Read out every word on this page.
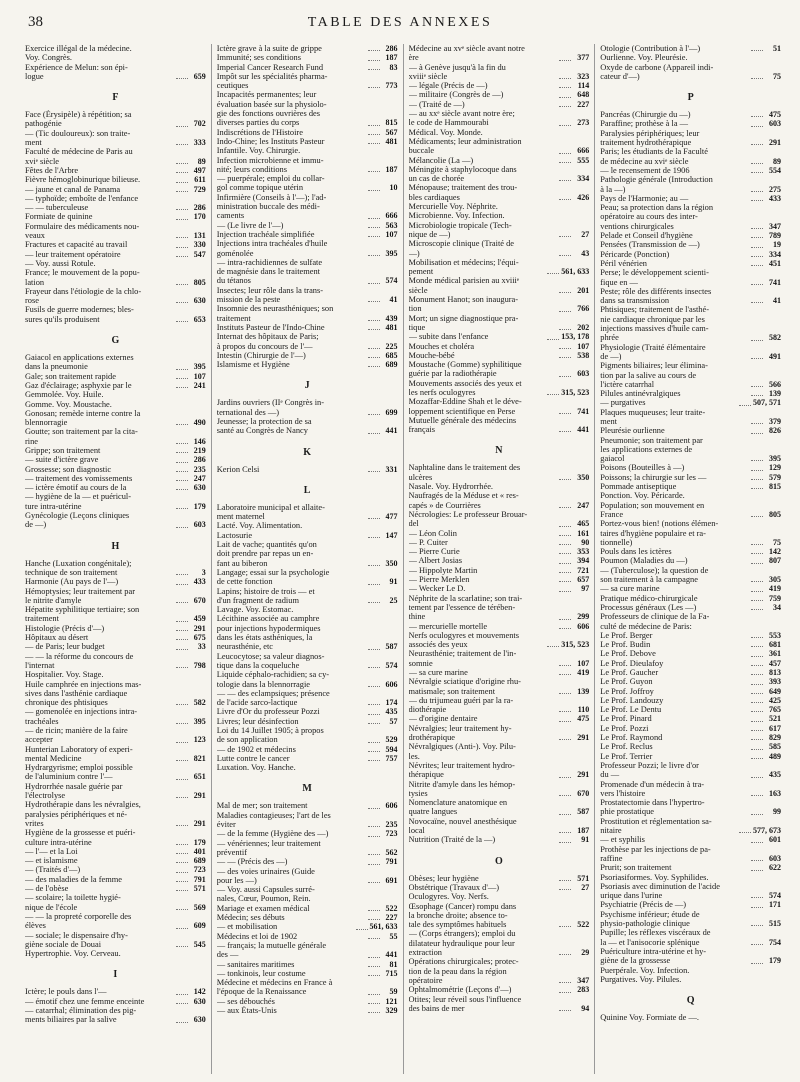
38	TABLE DES ANNEXES
Exercice illégal de la médecine.
Voy. Congrès.
Expérience de Melun: son épi-
logue	659
F
Face (Érysipèle) à répétition; sa
pathogénie	702
— (Tic douloureux): son traite-
ment	333
Faculté de médecine de Paris au
xviᵉ siècle	89
Fêtes de l'Arbre	497
Fièvre hémoglobinurique bilieuse.	611
— jaune et canal de Panama	729
— typhoïde; emboîte de l'enfance
— — tuberculeuse	286
Formiate de quinine	170
Formulaire des médicaments nou-
veaux	131
Fractures et capacité au travail	330
— leur traitement opératoire	547
— Voy. aussi Rotule.
France; le mouvement de la popu-
lation	805
Frayeur dans l'étiologie de la chlo-
rose	630
Fusils de guerre modernes; bles-
sures qu'ils produisent	653
G
Gaiacol en applications externes
dans la pneumonie	395
Gale; son traitement rapide	107
Gaz d'éclairage; asphyxie par le	241
Gemmolée. Voy. Huile.
Gomme. Voy. Moustache.
Gonosan; remède interne contre la
blennorragie	490
Goutte; son traitement par la cita-
rine	146
Grippe; son traitement	219
— suite d'ictère grave	286
Grossesse; son diagnostic	235
— traitement des vomissements	247
— ictère émotif au cours de la	630
— hygiène de la — et puéricul-
ture intra-utérine	179
Gynécologie (Leçons cliniques
de —)	603
H
Hanche (Luxation congénitale);
technique de son traitement	3
Harmonie (Au pays de l'—)	433
Hémoptysies; leur traitement par
le nitrite d'amyle	670
Hépatite syphilitique tertiaire; son
traitement	459
Histologie (Précis d'—)	291
Hôpitaux au désert	675
— de Paris; leur budget	33
— — la réforme du concours de
l'internat	798
Hospitalier. Voy. Stage.
Huile camphrée en injections mas-
sives dans l'asthénie cardiaque
chronique des phtisiques	582
— gomenolée en injections intra-
trachéales	395
— de ricin; manière de la faire
accepter	123
Hunterian Laboratory of experi-
mental Medicine	821
Hydrargyrisme; emploi possible
de l'aluminium contre l'—	651
Hydrorrhée nasale guérie par
l'électrolyse	291
Hydrothérapie dans les névralgies,
paralysies périphériques et né-
vrites	291
Hygiène de la grossesse et puéri-
culture intra-utérine	179
— l'— et la Loi	401
— et islamisme	689
— (Traités d'—)	723
— des maladies de la femme	791
— de l'obèse	571
— scolaire; la toilette hygié-
nique de l'école	569
— — la propreté corporelle des
élèves	609
— sociale; le dispensaire d'hy-
giène sociale de Douai	545
Hypertrophie. Voy. Cerveau.
I
Ictère; le pouls dans l'—	142
— émotif chez une femme enceinte	630
— catarrhal; élimination des pig-
ments biliaires par la salive	630
Ictère grave à la suite de grippe	286
Immunité; ses conditions	187
Imperial Cancer Research Fund	83
Impôt sur les spécialités pharma-
ceutiques	773
Incapacités permanentes; leur
évaluation basée sur la physiolo-
gie des fonctions ouvrières des
diverses parties du corps	815
Indiscrétions de l'Histoire	567
Indo-Chine; les Instituts Pasteur	481
Infantile. Voy. Chirurgie.
Infection microbienne et immu-
nité; leurs conditions	187
— puerpérale; emploi du collar-
gol comme topique utérin	10
Infirmière (Conseils à l'—); l'ad-
ministration buccale des médi-
caments	666
— (Le livre de l'—)	563
Injection trachéale simplifiée	107
Injections intra trachéales d'huile
goménolée	395
— intra-rachidiennes de sulfate
de magnésie dans le traitement
du tétanos	574
Insectes; leur rôle dans la trans-
mission de la peste	41
Insomnie des neurasthéniques; son
traitement	439
Instituts Pasteur de l'Indo-Chine	481
Internat des hôpitaux de Paris;
à propos du concours de l'—	225
Intestin (Chirurgie de l'—)	685
Islamisme et Hygiène	689
J
Jardins ouvriers (IIᵉ Congrès in-
ternational des —)	699
Jeunesse; la protection de sa
santé au Congrès de Nancy	441
K
Kerion Celsi	331
L
Laboratoire municipal et allaite-
ment maternel	477
Lacté. Voy. Alimentation.
Lactosurie	147
Lait de vache; quantités qu'on
doit prendre par repas un en-
fant au biberon	350
Langage; essai sur la psychologie
de cette fonction	91
Lapins; histoire de trois — et
d'un fragment de radium	25
Lavage. Voy. Estomac.
Lécithine associée au camphre
pour injections hypodermiques
dans les états asthéniques, la
neurasthénie, etc	587
Leucocytose; sa valeur diagnos-
tique dans la coqueluche	574
Liquide céphalo-rachidien; sa cy-
tologie dans la blennorragie	606
— — des eclampsiques; présence
de l'acide sarco-lactique	174
Livre d'Or du professeur Pozzi	435
Livres; leur désinfection	57
Loi du 14 Juillet 1905; à propos
de son application	529
— de 1902 et médecins	594
Lutte contre le cancer	757
Luxation. Voy. Hanche.
M
Mal de mer; son traitement	606
Maladies contagieuses; l'art de les
éviter	235
— de la femme (Hygiène des —)	723
— vénériennes; leur traitement
préventif	562
— — (Précis des —)	791
— des voies urinaires (Guide
pour les —)	691
— Voy. aussi Capsules surré-
nales, Cœur, Poumon, Rein.
Mariage et examen médical	522
Médecin; ses débuts	227
— et mobilisation	561, 633
Médecins et loi de 1902	55
— français; la mutuelle générale
des —	441
— sanitaires maritimes	81
— tonkinois, leur costume	715
Médecine et médecins en France à
l'époque de la Renaissance	59
— ses débouchés	121
— aux États-Unis	329
Médecine au xvᵉ siècle avant notre
ère	377
— à Genève jusqu'à la fin du
xviiiᵉ siècle	323
— légale (Précis de —)	114
— militaire (Congrès de —)	648
— (Traité de —)	227
— au xxᵉ siècle avant notre ère;
le code de Hammourabi	273
Médical. Voy. Monde.
Médicaments; leur administration
buccale	666
Mélancolie (La —)	555
Méningite à staphylocoque dans
un cas de chorée	334
Ménopause; traitement des trou-
bles cardiaques	426
Mercurielle Voy. Néphrite.
Microbienne. Voy. Infection.
Microbiologie tropicale (Tech-
nique de —)	27
Microscopie clinique (Traité de
—)	43
Mobilisation et médecins; l'équi-
pement	561, 633
Monde médical parisien au xviiiᵉ
siècle	201
Monument Hanot; son inaugura-
tion	766
Mort; un signe diagnostique pra-
tique	202
— subite dans l'enfance	153, 178
Mouches et choléra	107
Mouche-bébé	538
Moustache (Gomme) syphilitique
guérie par la radiothérapie	603
Mouvements associés des yeux et
les nerfs oculogyres	315, 523
Mozaffar-Eddine Shah et le déve-
loppement scientifique en Perse	741
Mutuelle générale des médecins
français	441
N
Naphtaline dans le traitement des
ulcères	350
Nasale. Voy. Hydrorrhée.
Naufragés de la Méduse et « res-
capés » de Courrières	247
Nécrologies: Le professeur Brouar-
del	465
— Léon Colin	161
— P. Cuiter	90
— Pierre Curie	353
— Albert Josias	394
— Hippolyte Martin	721
— Pierre Merklen	657
— Wecker Le D.	97
Néphrite de la scarlatine; son trai-
tement par l'essence de térében-
thine	299
— mercurielle mortelle	606
Nerfs oculogyres et mouvements
associés des yeux	315, 523
Neurasthénie; traitement de l'in-
somnie	107
— sa cure marine	419
Névralgie sciatique d'origine rhu-
matismale; son traitement	139
— du trijumeau guéri par la ra-
diothérapie	110
— d'origine dentaire	475
Névralgies; leur traitement hy-
drothérapique	291
Névralgiques (Anti-). Voy. Pilu-
les.
Névrites; leur traitement hydro-
thérapique	291
Nitrite d'amyle dans les hémop-
tysies	670
Nomenclature anatomique en
quatre langues	587
Novocaïne, nouvel anesthésique
local	187
Nutrition (Traité de la —)	91
O
Obèses; leur hygiène	571
Obstétrique (Travaux d'—)	27
Oculogyres. Voy. Nerfs.
Œsophage (Cancer) rompu dans
la bronche droite; absence to-
tale des symptômes habituels	522
— (Corps étrangers); emploi du
dilatateur hydraulique pour leur
extraction	29
Opérations chirurgicales; protec-
tion de la peau dans la région
opératoire	347
Ophtalmométrie (Leçons d'—)	283
Otites; leur réveil sous l'influence
des bains de mer	94
Otologie (Contribution à l'—)	51
Ourlienne. Voy. Pleurésie.
Oxyde de carbone (Appareil indi-
cateur d'—)	75
P
Pancréas (Chirurgie du —)	475
Paraffine; prothèse à la —	603
Paralysies périphériques; leur
traitement hydrothérapique	291
Paris; les étudiants de la Faculté
de médecine au xviᵉ siècle	89
— le recensement de 1906	554
Pathologie générale (Introduction
à la —)	275
Pays de l'Harmonie; au —	433
Peau; sa protection dans la région
opératoire au cours des inter-
ventions chirurgicales	347
Pelade et Conseil d'hygiène	789
Pensées (Transmission de —)	19
Péricarde (Ponction)	334
Péril vénérien	451
Perse; le développement scienti-
fique en —	741
Peste; rôle des différents insectes
dans sa transmission	41
Phtisiques; traitement de l'asthé-
nie cardiaque chronique par les
injections massives d'huile cam-
phrée	582
Physiologie (Traité élémentaire
de —)	491
Pigments biliaires; leur élimina-
tion par la salive au cours de
l'ictère catarrhal	566
Pilules antinévralgiques	139
— purgatives	507, 571
Plaques muqueuses; leur traite-
ment	379
Pleurésie ourlienne	826
Pneumonie; son traitement par
les applications externes de
gaiacol	395
Poisons (Bouteilles à —)	129
Poissons; la chirurgie sur les —	579
Pommade antiseptique	815
Ponction. Voy. Péricarde.
Population; son mouvement en
France	805
Portez-vous bien! (notions élémen-
taires d'hygiène populaire et ra-
tionnelle)	75
Pouls dans les ictères	142
Poumon (Maladies du —)	807
— (Tuberculose); la question de
son traitement à la campagne	305
— sa cure marine	419
Pratique médico-chirurgicale	759
Processus généraux (Les —)	34
Professeurs de clinique de la Fa-
culté de médecine de Paris:
Le Prof. Berger	553
Le Prof. Budin	681
Le Prof. Debove	361
Le Prof. Dieulafoy	457
Le Prof. Gaucher	813
Le Prof. Guyon	393
Le Prof. Joffroy	649
Le Prof. Landouzy	425
Le Prof. Le Dentu	765
Le Prof. Pinard	521
Le Prof. Pozzi	617
Le Prof. Raymond	829
Le Prof. Reclus	585
Le Prof. Terrier	489
Professeur Pozzi; le livre d'or
du —	435
Promenade d'un médecin à tra-
vers l'histoire	163
Prostatectomie dans l'hypertro-
phie prostatique	99
Prostitution et réglementation sa-
nitaire	577, 673
— et syphilis	601
Prothèse par les injections de pa-
raffine	603
Prurit; son traitement	622
Psoriasiformes. Voy. Syphilides.
Psoriasis avec diminution de l'acide
urique dans l'urine	574
Psychiatrie (Précis de —)	171
Psychisme inférieur; étude de
physio-pathologie clinique	515
Pupille; les réflexes viscéraux de
la — et l'anisocorie splénique	754
Puériculture intra-utérine et hy-
giène de la grossesse	179
Puerpérale. Voy. Infection.
Purgatives. Voy. Pilules.
Q
Quinine Voy. Formiate de —.
